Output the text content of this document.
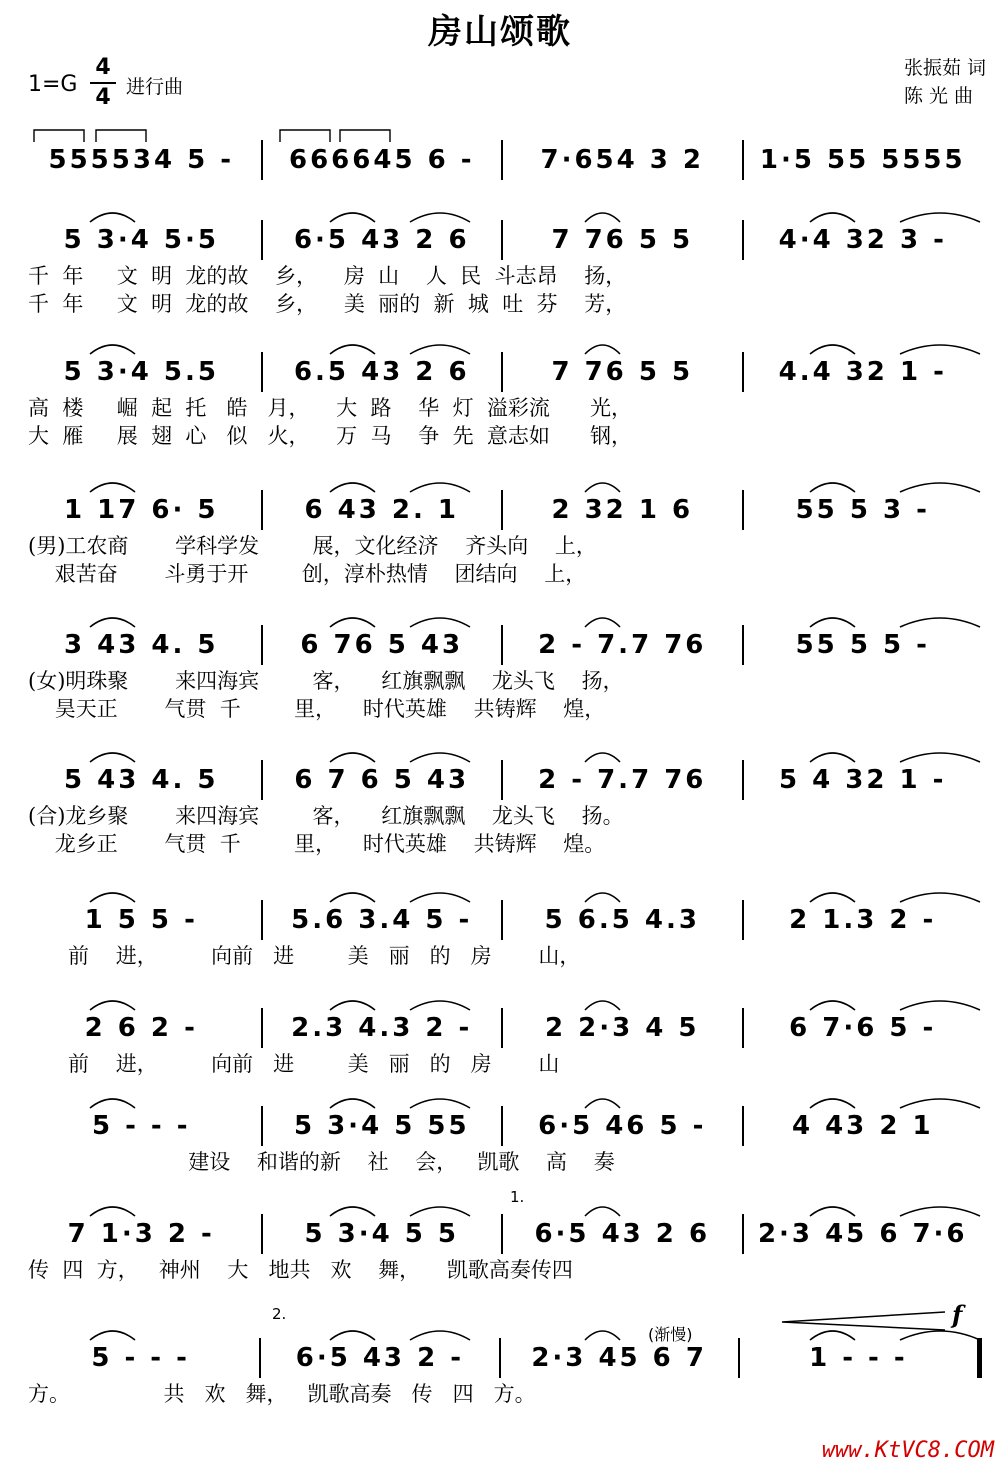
房山颂歌
1=G
4
4 进行曲
张振茹 词
陈 光 曲
555534 5 -	666645 6 -	7·654 3 2	1·5 55 5555
5 3·4 5·5	6·5 43 2 6	7 76 5 5	4·4 32 3 -
千  年     文  明  龙的故    乡，    房  山    人  民  斗志昂    扬，
千  年     文  明  龙的故    乡，    美  丽的  新  城  吐  芬    芳，
5 3·4 5.5	6.5 43 2 6	7 76 5 5	4.4 32 1 -
高  楼     崛  起  托   皓   月，    大  路    华  灯  溢彩流      光，
大  雁     展  翅  心   似   火，    万  马    争  先  意志如      钢，
1 17 6· 5	6 43 2. 1	2 32 1 6	55 5 3 -
(男)工农商       学科学发        展，文化经济    齐头向    上，
艰苦奋       斗勇于开        创，淳朴热情    团结向    上，
3 43 4. 5	6 76 5 43	2 - 7.7 76	55 5 5 -
(女)明珠聚       来四海宾        客，    红旗飘飘    龙头飞    扬，
昊天正       气贯  千        里，    时代英雄    共铸辉    煌，
5 43 4. 5	6 7 6 5 43	2 - 7.7 76	5 4 32 1 -
(合)龙乡聚       来四海宾        客，    红旗飘飘    龙头飞    扬。
龙乡正       气贯  千        里，    时代英雄    共铸辉    煌。
1 5 5 -	5.6 3.4 5 -	5 6.5 4.3	2 1.3 2 -
前    进，        向前   进        美   丽   的   房       山，
2 6 2 -	2.3 4.3 2 -	2 2·3 4 5	6 7·6 5 -
前    进，        向前   进        美   丽   的   房       山
5 - - -	5 3·4 5 55	6·5 46 5 -	4 43 2 1
建设    和谐的新    社    会，   凯歌    高    奏
7 1·3 2 -	5 3·4 5 5	6·5 43 2 6	2·3 45 6 7·6
传  四  方，   神州    大   地共   欢    舞，    凯歌高奏传四
5 - - -	6·5 43 2 -	2·3 45 6 7	1 - - -
方。              共   欢   舞，   凯歌高奏   传   四   方。
1.
2.
(渐慢)
f
www.KtVC8.COM
